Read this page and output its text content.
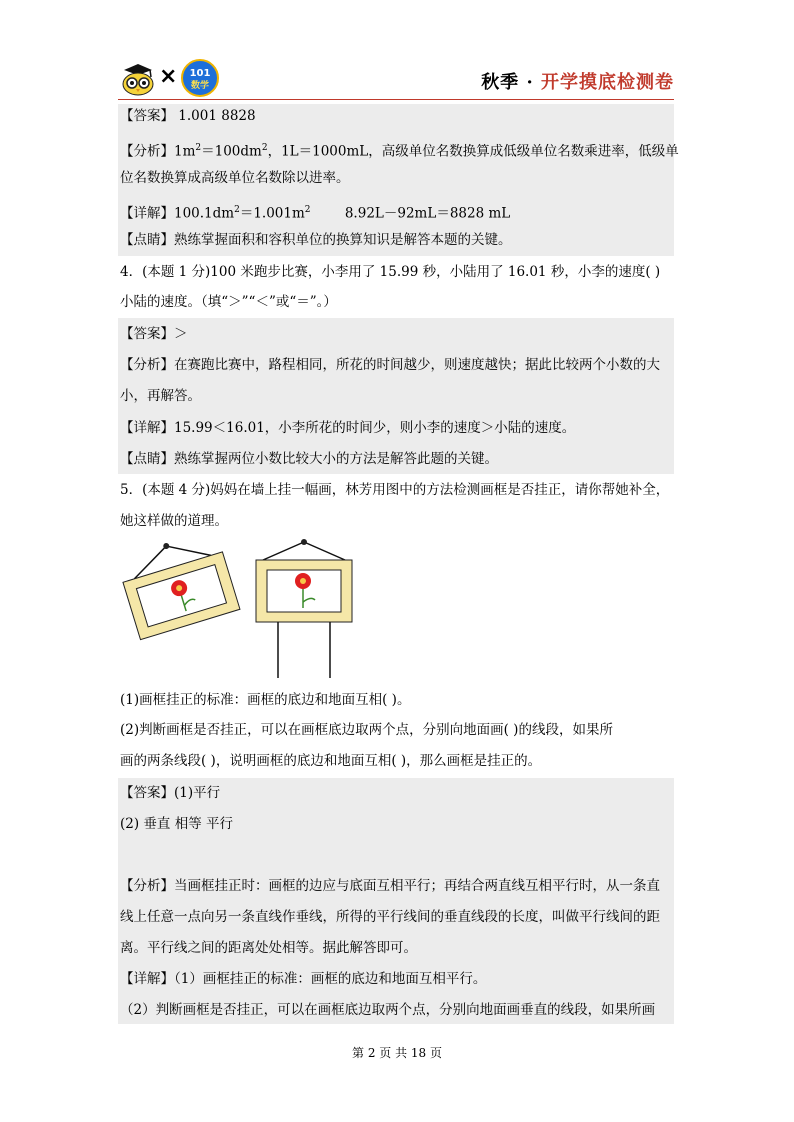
× 101
数学	秋季 · 开学摸底检测卷
【答案】 1.001 8828
【分析】$1m^2=100dm^2$，1L＝1000mL，高级单位名数换算成低级单位名数乘进率，低级单
位名数换算成高级单位名数除以进率。
【详解】$100.1dm^2=1.001m^2$        8.92L－92mL＝8828 mL
【点睛】熟练掌握面积和容积单位的换算知识是解答本题的关键。
4．(本题 1 分)100 米跑步比赛，小李用了 15.99 秒，小陆用了 16.01 秒，小李的速度( )
小陆的速度。（填“＞”“＜”或“＝”。）
【答案】＞
【分析】在赛跑比赛中，路程相同，所花的时间越少，则速度越快；据此比较两个小数的大
小，再解答。
【详解】15.99＜16.01，小李所花的时间少，则小李的速度＞小陆的速度。
【点睛】熟练掌握两位小数比较大小的方法是解答此题的关键。
5．(本题 4 分)妈妈在墙上挂一幅画，林芳用图中的方法检测画框是否挂正，请你帮她补全，
她这样做的道理。
(1)画框挂正的标准：画框的底边和地面互相( )。
(2)判断画框是否挂正，可以在画框底边取两个点，分别向地面画( )的线段，如果所
画的两条线段( )，说明画框的底边和地面互相( )，那么画框是挂正的。
【答案】(1)平行
(2) 垂直 相等 平行
【分析】当画框挂正时：画框的边应与底面互相平行；再结合两直线互相平行时，从一条直
线上任意一点向另一条直线作垂线，所得的平行线间的垂直线段的长度，叫做平行线间的距
离。平行线之间的距离处处相等。据此解答即可。
【详解】（1）画框挂正的标准：画框的底边和地面互相平行。
（2）判断画框是否挂正，可以在画框底边取两个点，分别向地面画垂直的线段，如果所画
第 2 页 共 18 页
